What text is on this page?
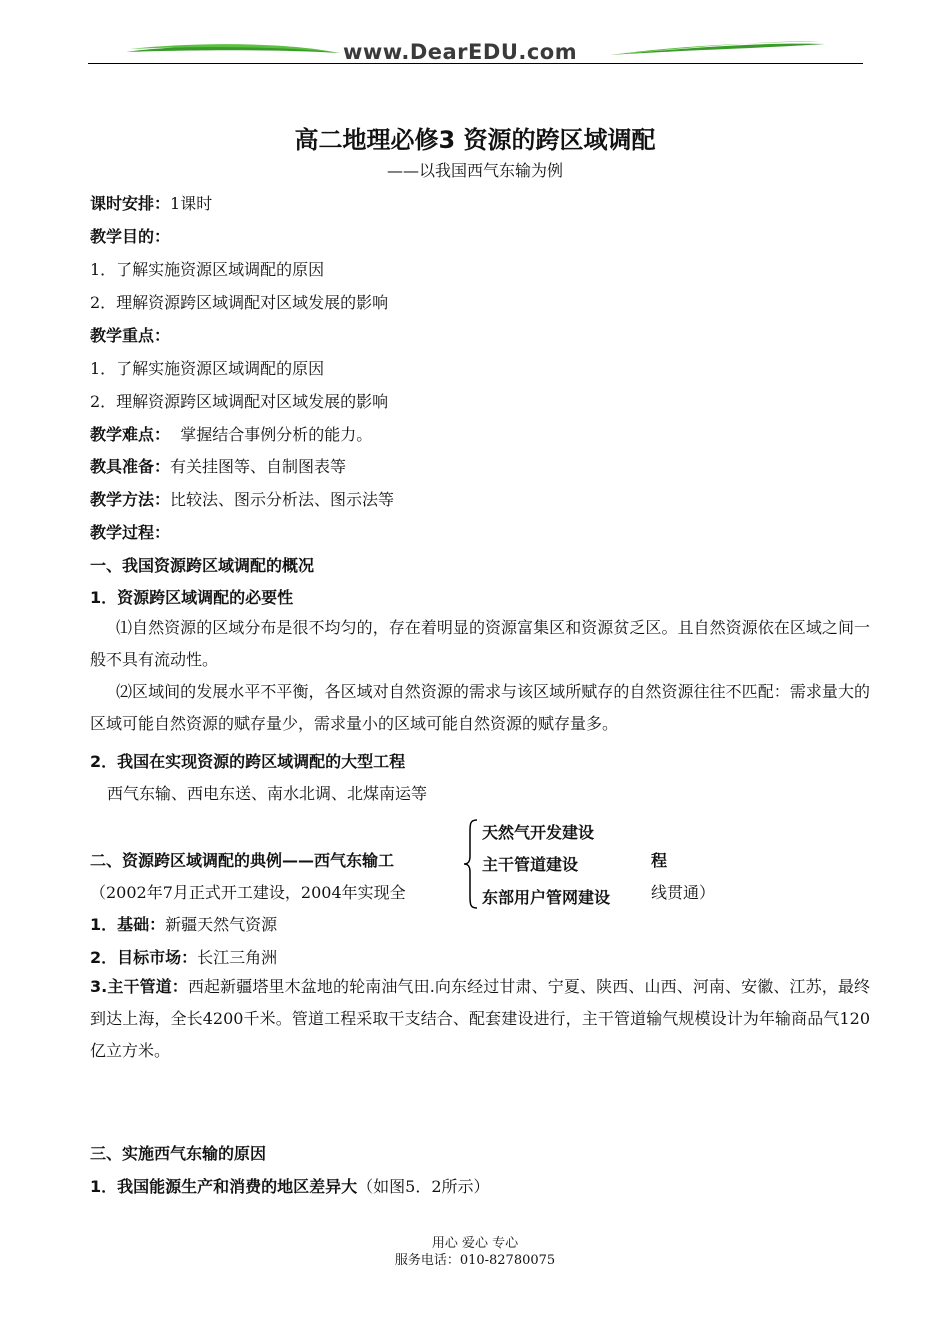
www.DearEDU.com
高二地理必修3 资源的跨区域调配
——以我国西气东输为例
课时安排：1课时
教学目的：
1．了解实施资源区域调配的原因
2．理解资源跨区域调配对区域发展的影响
教学重点：
1．了解实施资源区域调配的原因
2．理解资源跨区域调配对区域发展的影响
教学难点：  掌握结合事例分析的能力。
教具准备：有关挂图等、自制图表等
教学方法：比较法、图示分析法、图示法等
教学过程：
一、我国资源跨区域调配的概况
1．资源跨区域调配的必要性
⑴自然资源的区域分布是很不均匀的，存在着明显的资源富集区和资源贫乏区。且自然资源依在区域之间一般不具有流动性。
⑵区域间的发展水平不平衡，各区域对自然资源的需求与该区域所赋存的自然资源往往不匹配：需求量大的区域可能自然资源的赋存量少，需求量小的区域可能自然资源的赋存量多。
2．我国在实现资源的跨区域调配的大型工程
西气东输、西电东送、南水北调、北煤南运等
二、资源跨区域调配的典例——西气东输工
天然气开发建设
主干管道建设
东部用户管网建设
程
（2002年7月正式开工建设，2004年实现全	线贯通）
1．基础：新疆天然气资源
2．目标市场：长江三角洲
3.主干管道：西起新疆塔里木盆地的轮南油气田.向东经过甘肃、宁夏、陕西、山西、河南、安徽、江苏，最终到达上海，全长4200千米。管道工程采取干支结合、配套建设进行，主干管道输气规模设计为年输商品气120亿立方米。
三、实施西气东输的原因
1．我国能源生产和消费的地区差异大（如图5．2所示）
用心 爱心 专心
服务电话：010-82780075
